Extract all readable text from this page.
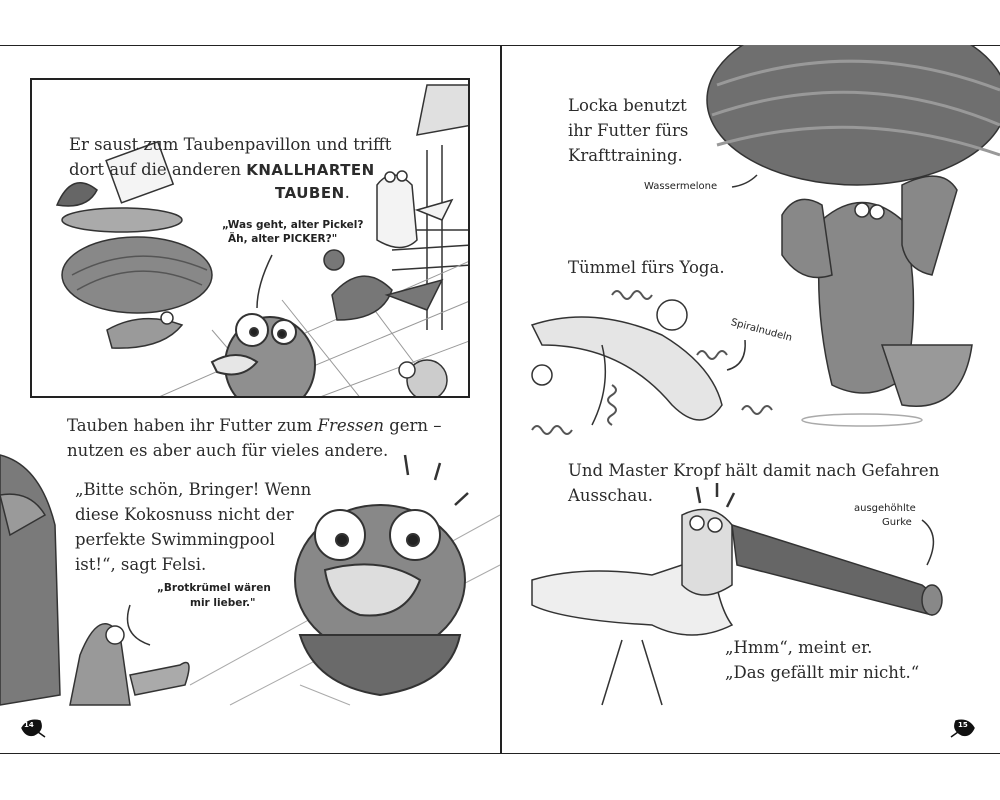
Er saust zum Taubenpavillon und trifft
dort auf die anderen KNALLHARTEN
TAUBEN.
„Was geht, alter Pickel?
Äh, alter PICKER?"
Tauben haben ihr Futter zum Fressen gern –
nutzen es aber auch für vieles andere.
„Bitte schön, Bringer! Wenn
diese Kokosnuss nicht der
perfekte Swimmingpool
ist!“, sagt Felsi.
„Brotkrümel wären
mir lieber."
14
Locka benutzt
ihr Futter fürs
Krafttraining.
Wassermelone
Tümmel fürs Yoga.
Spiralnudeln
Und Master Kropf hält damit nach Gefahren
Ausschau.
ausgehöhlte
Gurke
„Hmm“, meint er.
„Das gefällt mir nicht.“
15
